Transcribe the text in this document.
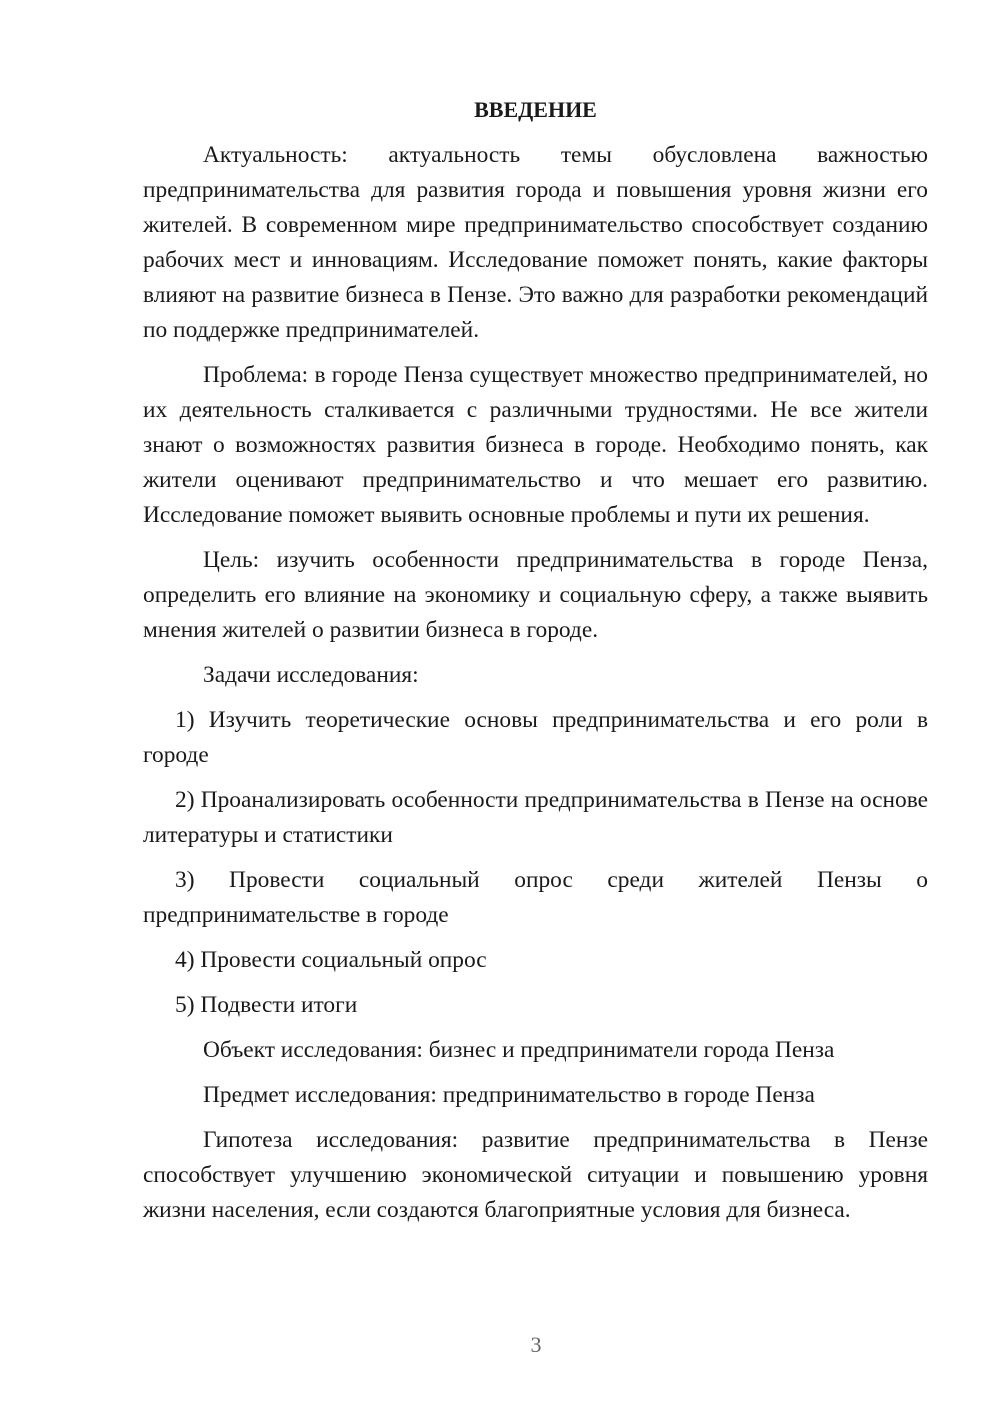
ВВЕДЕНИЕ
Актуальность: актуальность темы обусловлена важностью предпринимательства для развития города и повышения уровня жизни его жителей. В современном мире предпринимательство способствует созданию рабочих мест и инновациям. Исследование поможет понять, какие факторы влияют на развитие бизнеса в Пензе. Это важно для разработки рекомендаций по поддержке предпринимателей.
Проблема: в городе Пенза существует множество предпринимателей, но их деятельность сталкивается с различными трудностями. Не все жители знают о возможностях развития бизнеса в городе. Необходимо понять, как жители оценивают предпринимательство и что мешает его развитию. Исследование поможет выявить основные проблемы и пути их решения.
Цель: изучить особенности предпринимательства в городе Пенза, определить его влияние на экономику и социальную сферу, а также выявить мнения жителей о развитии бизнеса в городе.
Задачи исследования:
1) Изучить теоретические основы предпринимательства и его роли в городе
2) Проанализировать особенности предпринимательства в Пензе на основе литературы и статистики
3) Провести социальный опрос среди жителей Пензы о предпринимательстве в городе
4) Провести социальный опрос
5) Подвести итоги
Объект исследования: бизнес и предприниматели города Пенза
Предмет исследования: предпринимательство в городе Пенза
Гипотеза исследования: развитие предпринимательства в Пензе способствует улучшению экономической ситуации и повышению уровня жизни населения, если создаются благоприятные условия для бизнеса.
3
